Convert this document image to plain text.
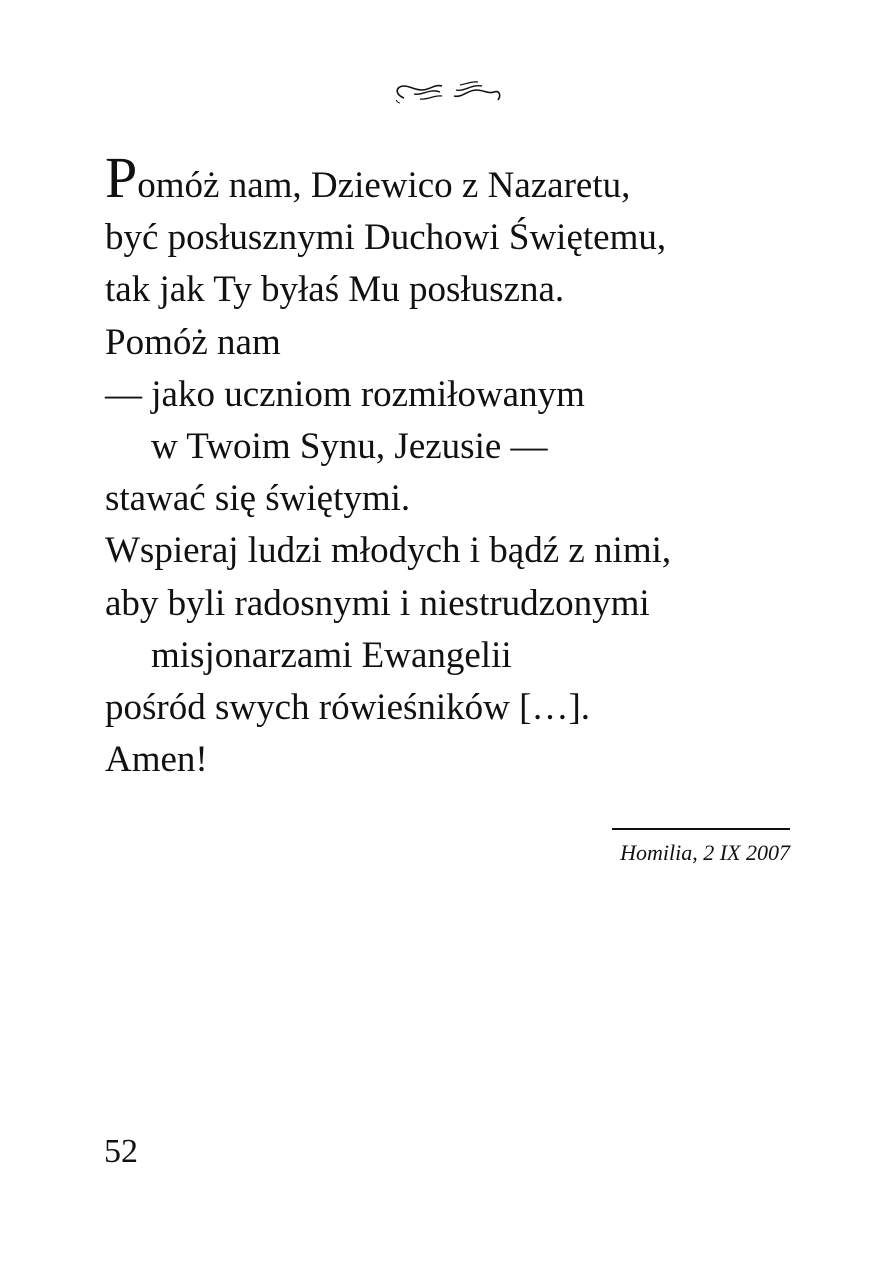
Pomóż nam, Dziewico z Nazaretu,
być posłusznymi Duchowi Świętemu,
tak jak Ty byłaś Mu posłuszna.
Pomóż nam
— jako uczniom rozmiłowanym
w Twoim Synu, Jezusie —
stawać się świętymi.
Wspieraj ludzi młodych i bądź z nimi,
aby byli radosnymi i niestrudzonymi
misjonarzami Ewangelii
pośród swych rówieśników […].
Amen!
Homilia, 2 IX 2007
52
